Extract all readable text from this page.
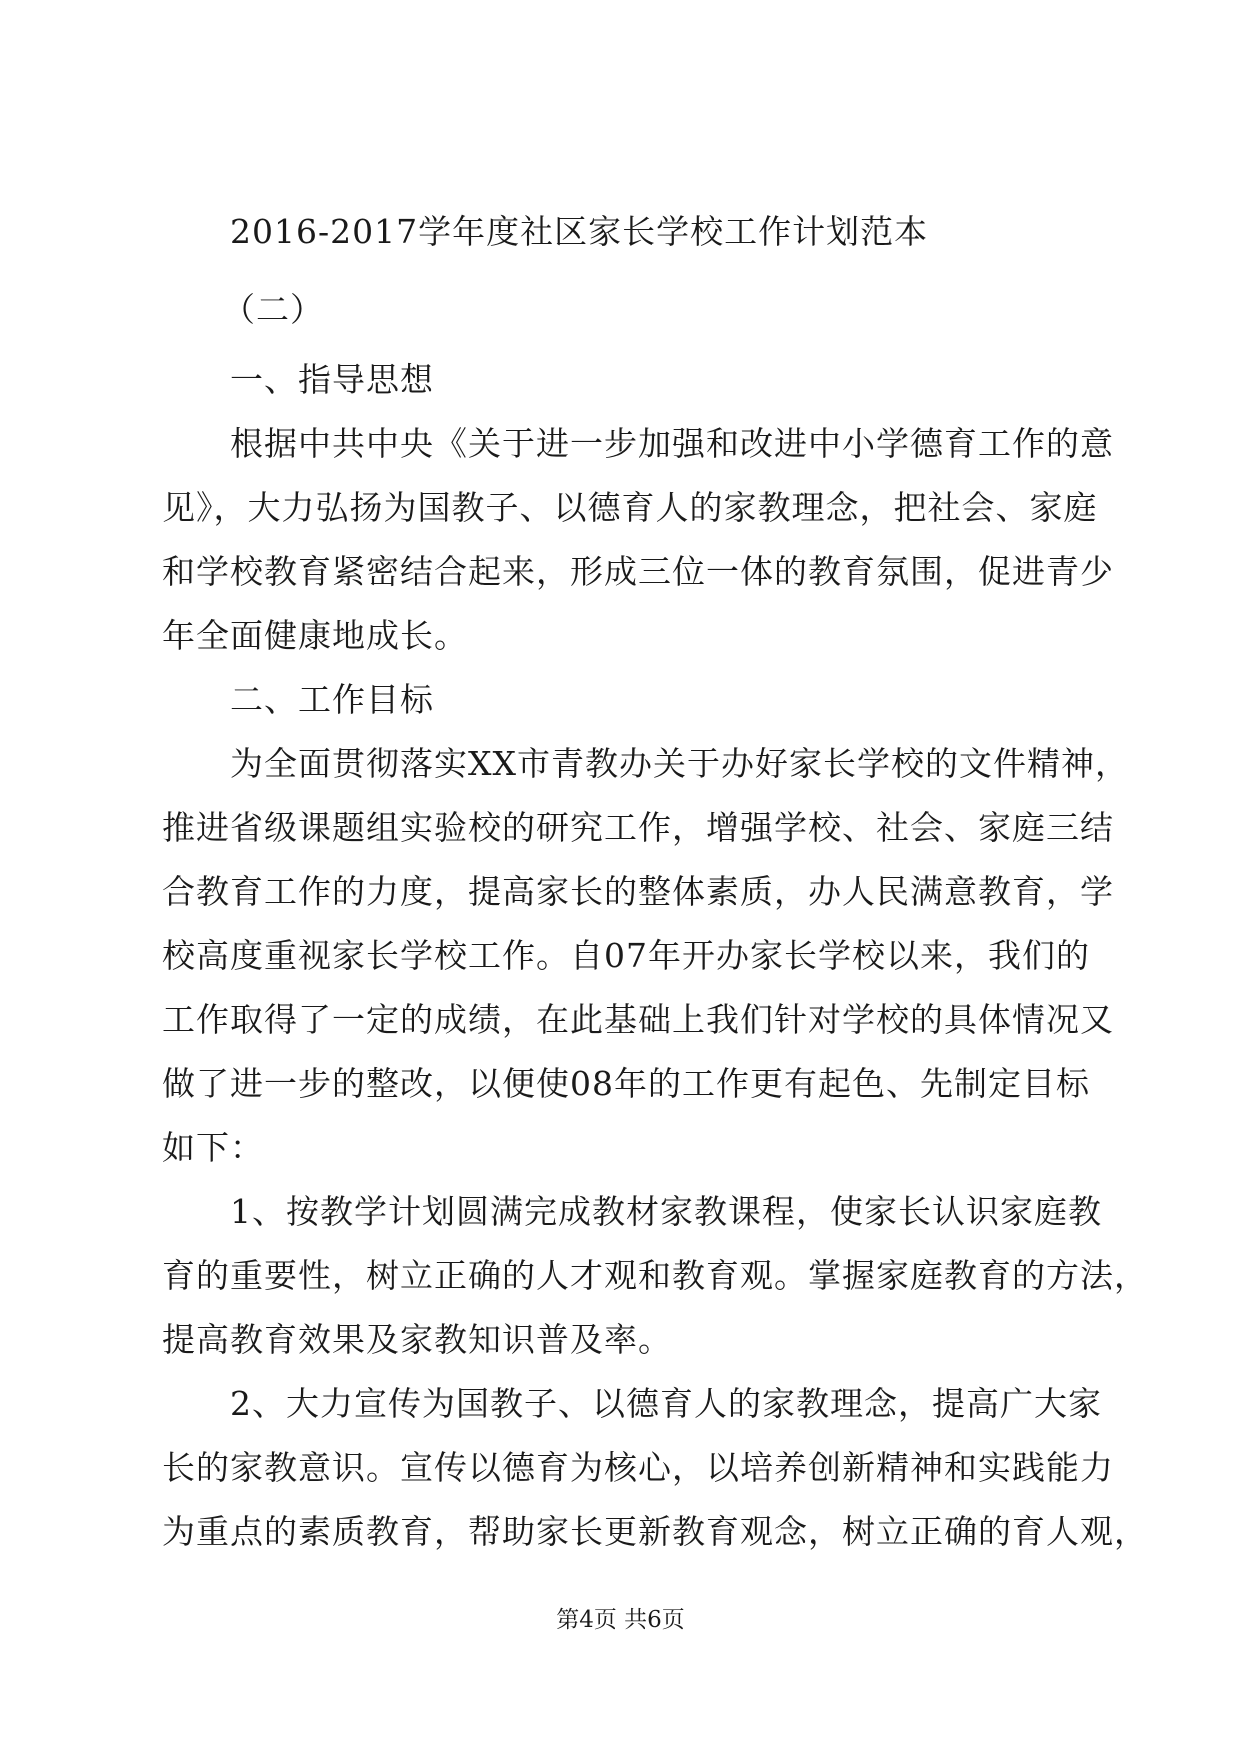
2016-2017学年度社区家长学校工作计划范本
（二）
一、指导思想
根据中共中央《关于进一步加强和改进中小学德育工作的意
见》，大力弘扬为国教子、以德育人的家教理念，把社会、家庭
和学校教育紧密结合起来，形成三位一体的教育氛围，促进青少
年全面健康地成长。
二、工作目标
为全面贯彻落实XX市青教办关于办好家长学校的文件精神，
推进省级课题组实验校的研究工作，增强学校、社会、家庭三结
合教育工作的力度，提高家长的整体素质，办人民满意教育，学
校高度重视家长学校工作。自07年开办家长学校以来，我们的
工作取得了一定的成绩，在此基础上我们针对学校的具体情况又
做了进一步的整改，以便使08年的工作更有起色、先制定目标
如下：
1、按教学计划圆满完成教材家教课程，使家长认识家庭教
育的重要性，树立正确的人才观和教育观。掌握家庭教育的方法，
提高教育效果及家教知识普及率。
2、大力宣传为国教子、以德育人的家教理念，提高广大家
长的家教意识。宣传以德育为核心，以培养创新精神和实践能力
为重点的素质教育，帮助家长更新教育观念，树立正确的育人观，
第4页 共6页
